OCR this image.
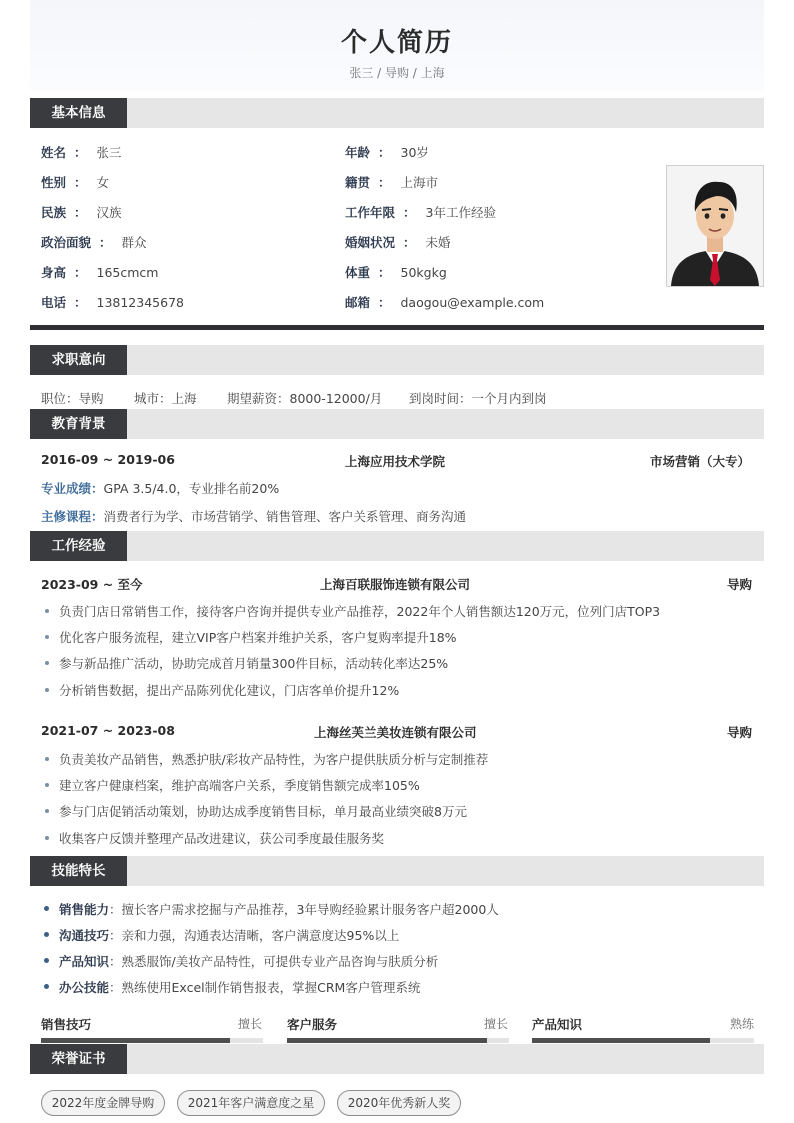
个人简历
张三 / 导购 / 上海
基本信息
姓名 ： 张三
性别 ： 女
民族 ： 汉族
政治面貌 ： 群众
身高 ： 165cmcm
电话 ： 13812345678
年龄 ： 30岁
籍贯 ： 上海市
工作年限 ： 3年工作经验
婚姻状况 ： 未婚
体重 ： 50kgkg
邮箱 ： daogou@example.com
求职意向
职位：导购 城市：上海 期望薪资：8000-12000/月 到岗时间：一个月内到岗
教育背景
2016-09 ~ 2019-06	上海应用技术学院	市场营销（大专）
专业成绩：GPA 3.5/4.0，专业排名前20%
主修课程：消费者行为学、市场营销学、销售管理、客户关系管理、商务沟通
工作经验
2023-09 ~ 至今	上海百联服饰连锁有限公司	导购
负责门店日常销售工作，接待客户咨询并提供专业产品推荐，2022年个人销售额达120万元，位列门店TOP3
优化客户服务流程，建立VIP客户档案并维护关系，客户复购率提升18%
参与新品推广活动，协助完成首月销量300件目标，活动转化率达25%
分析销售数据，提出产品陈列优化建议，门店客单价提升12%
2021-07 ~ 2023-08	上海丝芙兰美妆连锁有限公司	导购
负责美妆产品销售，熟悉护肤/彩妆产品特性，为客户提供肤质分析与定制推荐
建立客户健康档案，维护高端客户关系，季度销售额完成率105%
参与门店促销活动策划，协助达成季度销售目标，单月最高业绩突破8万元
收集客户反馈并整理产品改进建议，获公司季度最佳服务奖
技能特长
销售能力：擅长客户需求挖掘与产品推荐，3年导购经验累计服务客户超2000人
沟通技巧：亲和力强，沟通表达清晰，客户满意度达95%以上
产品知识：熟悉服饰/美妆产品特性，可提供专业产品咨询与肤质分析
办公技能：熟练使用Excel制作销售报表，掌握CRM客户管理系统
销售技巧	擅长 客户服务	擅长 产品知识	熟练
荣誉证书
2022年度金牌导购	2021年客户满意度之星	2020年优秀新人奖
